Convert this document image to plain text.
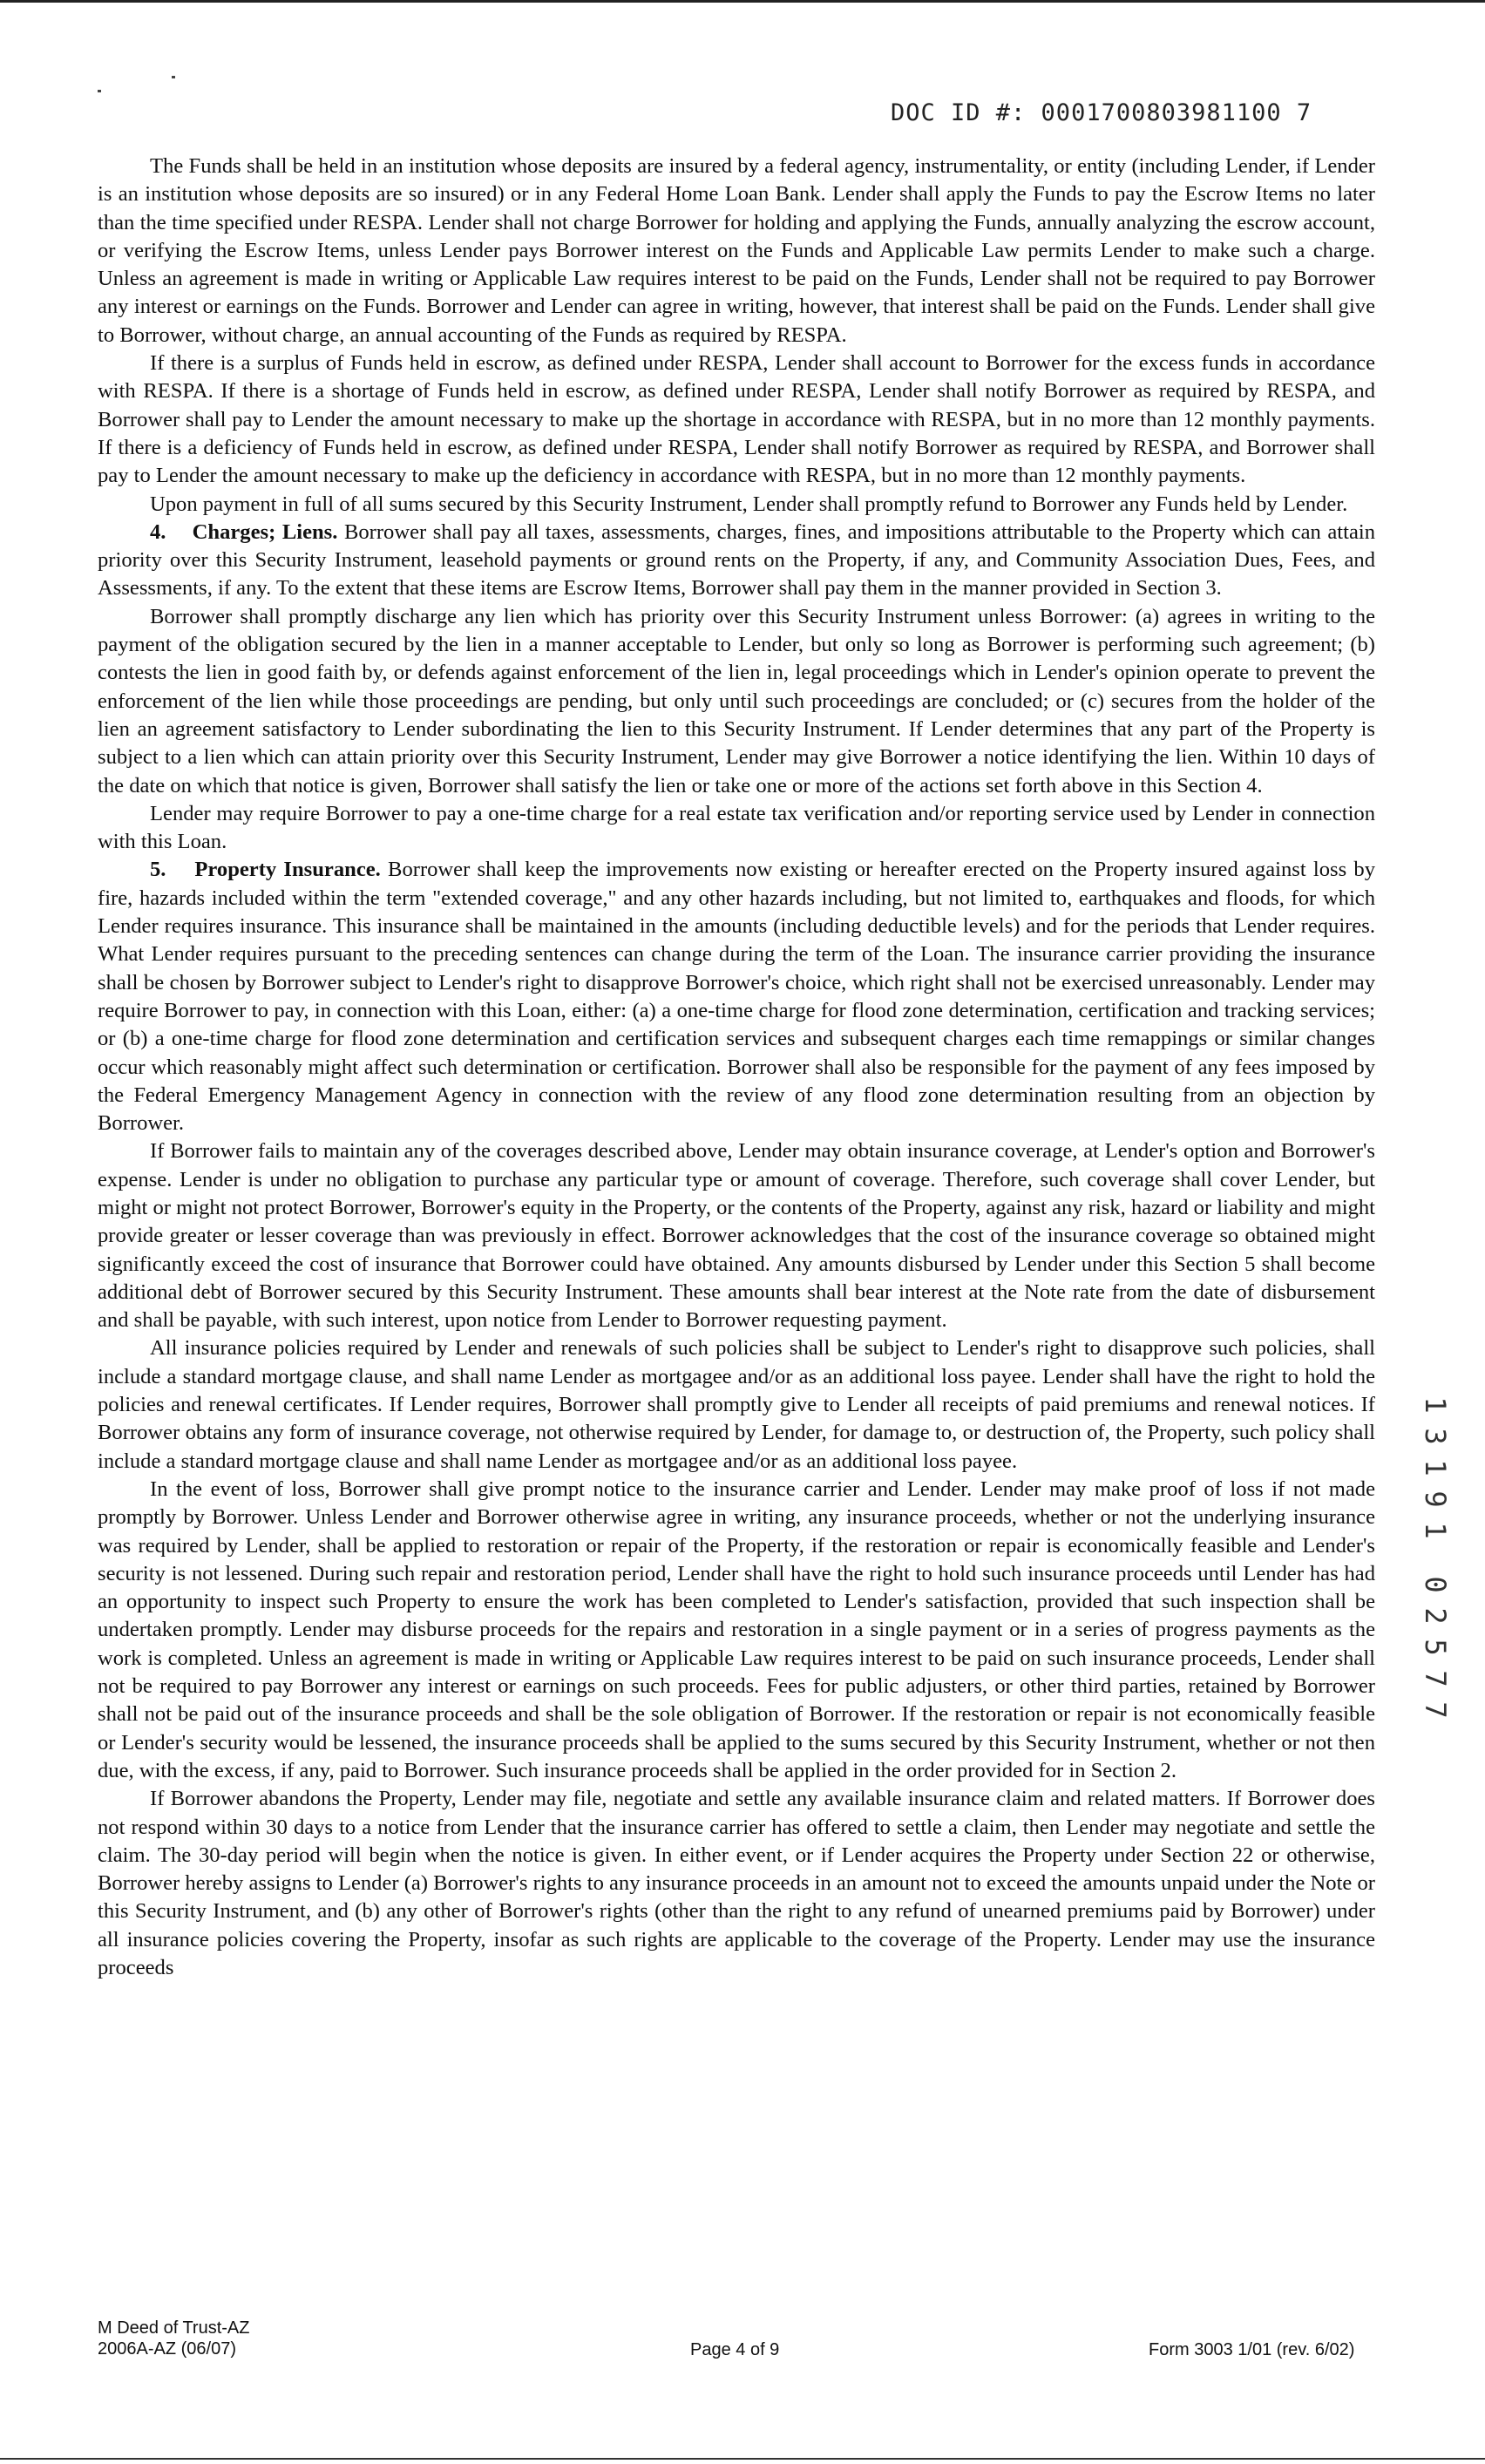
DOC ID #: 0001700803981100 7

The Funds shall be held in an institution whose deposits are insured by a federal agency, instrumentality, or entity (including Lender, if Lender is an institution whose deposits are so insured) or in any Federal Home Loan Bank. Lender shall apply the Funds to pay the Escrow Items no later than the time specified under RESPA. Lender shall not charge Borrower for holding and applying the Funds, annually analyzing the escrow account, or verifying the Escrow Items, unless Lender pays Borrower interest on the Funds and Applicable Law permits Lender to make such a charge. Unless an agreement is made in writing or Applicable Law requires interest to be paid on the Funds, Lender shall not be required to pay Borrower any interest or earnings on the Funds. Borrower and Lender can agree in writing, however, that interest shall be paid on the Funds. Lender shall give to Borrower, without charge, an annual accounting of the Funds as required by RESPA.

If there is a surplus of Funds held in escrow, as defined under RESPA, Lender shall account to Borrower for the excess funds in accordance with RESPA. If there is a shortage of Funds held in escrow, as defined under RESPA, Lender shall notify Borrower as required by RESPA, and Borrower shall pay to Lender the amount necessary to make up the shortage in accordance with RESPA, but in no more than 12 monthly payments. If there is a deficiency of Funds held in escrow, as defined under RESPA, Lender shall notify Borrower as required by RESPA, and Borrower shall pay to Lender the amount necessary to make up the deficiency in accordance with RESPA, but in no more than 12 monthly payments.

Upon payment in full of all sums secured by this Security Instrument, Lender shall promptly refund to Borrower any Funds held by Lender.

4. Charges; Liens. Borrower shall pay all taxes, assessments, charges, fines, and impositions attributable to the Property which can attain priority over this Security Instrument, leasehold payments or ground rents on the Property, if any, and Community Association Dues, Fees, and Assessments, if any. To the extent that these items are Escrow Items, Borrower shall pay them in the manner provided in Section 3.

Borrower shall promptly discharge any lien which has priority over this Security Instrument unless Borrower: (a) agrees in writing to the payment of the obligation secured by the lien in a manner acceptable to Lender, but only so long as Borrower is performing such agreement; (b) contests the lien in good faith by, or defends against enforcement of the lien in, legal proceedings which in Lender's opinion operate to prevent the enforcement of the lien while those proceedings are pending, but only until such proceedings are concluded; or (c) secures from the holder of the lien an agreement satisfactory to Lender subordinating the lien to this Security Instrument. If Lender determines that any part of the Property is subject to a lien which can attain priority over this Security Instrument, Lender may give Borrower a notice identifying the lien. Within 10 days of the date on which that notice is given, Borrower shall satisfy the lien or take one or more of the actions set forth above in this Section 4.

Lender may require Borrower to pay a one-time charge for a real estate tax verification and/or reporting service used by Lender in connection with this Loan.

5. Property Insurance. Borrower shall keep the improvements now existing or hereafter erected on the Property insured against loss by fire, hazards included within the term "extended coverage," and any other hazards including, but not limited to, earthquakes and floods, for which Lender requires insurance. This insurance shall be maintained in the amounts (including deductible levels) and for the periods that Lender requires. What Lender requires pursuant to the preceding sentences can change during the term of the Loan. The insurance carrier providing the insurance shall be chosen by Borrower subject to Lender's right to disapprove Borrower's choice, which right shall not be exercised unreasonably. Lender may require Borrower to pay, in connection with this Loan, either: (a) a one-time charge for flood zone determination, certification and tracking services; or (b) a one-time charge for flood zone determination and certification services and subsequent charges each time remappings or similar changes occur which reasonably might affect such determination or certification. Borrower shall also be responsible for the payment of any fees imposed by the Federal Emergency Management Agency in connection with the review of any flood zone determination resulting from an objection by Borrower.

If Borrower fails to maintain any of the coverages described above, Lender may obtain insurance coverage, at Lender's option and Borrower's expense. Lender is under no obligation to purchase any particular type or amount of coverage. Therefore, such coverage shall cover Lender, but might or might not protect Borrower, Borrower's equity in the Property, or the contents of the Property, against any risk, hazard or liability and might provide greater or lesser coverage than was previously in effect. Borrower acknowledges that the cost of the insurance coverage so obtained might significantly exceed the cost of insurance that Borrower could have obtained. Any amounts disbursed by Lender under this Section 5 shall become additional debt of Borrower secured by this Security Instrument. These amounts shall bear interest at the Note rate from the date of disbursement and shall be payable, with such interest, upon notice from Lender to Borrower requesting payment.

All insurance policies required by Lender and renewals of such policies shall be subject to Lender's right to disapprove such policies, shall include a standard mortgage clause, and shall name Lender as mortgagee and/or as an additional loss payee. Lender shall have the right to hold the policies and renewal certificates. If Lender requires, Borrower shall promptly give to Lender all receipts of paid premiums and renewal notices. If Borrower obtains any form of insurance coverage, not otherwise required by Lender, for damage to, or destruction of, the Property, such policy shall include a standard mortgage clause and shall name Lender as mortgagee and/or as an additional loss payee.

In the event of loss, Borrower shall give prompt notice to the insurance carrier and Lender. Lender may make proof of loss if not made promptly by Borrower. Unless Lender and Borrower otherwise agree in writing, any insurance proceeds, whether or not the underlying insurance was required by Lender, shall be applied to restoration or repair of the Property, if the restoration or repair is economically feasible and Lender's security is not lessened. During such repair and restoration period, Lender shall have the right to hold such insurance proceeds until Lender has had an opportunity to inspect such Property to ensure the work has been completed to Lender's satisfaction, provided that such inspection shall be undertaken promptly. Lender may disburse proceeds for the repairs and restoration in a single payment or in a series of progress payments as the work is completed. Unless an agreement is made in writing or Applicable Law requires interest to be paid on such insurance proceeds, Lender shall not be required to pay Borrower any interest or earnings on such proceeds. Fees for public adjusters, or other third parties, retained by Borrower shall not be paid out of the insurance proceeds and shall be the sole obligation of Borrower. If the restoration or repair is not economically feasible or Lender's security would be lessened, the insurance proceeds shall be applied to the sums secured by this Security Instrument, whether or not then due, with the excess, if any, paid to Borrower. Such insurance proceeds shall be applied in the order provided for in Section 2.

If Borrower abandons the Property, Lender may file, negotiate and settle any available insurance claim and related matters. If Borrower does not respond within 30 days to a notice from Lender that the insurance carrier has offered to settle a claim, then Lender may negotiate and settle the claim. The 30-day period will begin when the notice is given. In either event, or if Lender acquires the Property under Section 22 or otherwise, Borrower hereby assigns to Lender (a) Borrower's rights to any insurance proceeds in an amount not to exceed the amounts unpaid under the Note or this Security Instrument, and (b) any other of Borrower's rights (other than the right to any refund of unearned premiums paid by Borrower) under all insurance policies covering the Property, insofar as such rights are applicable to the coverage of the Property. Lender may use the insurance proceeds

1
3
1
9
1
0
2
5
7
7
M Deed of Trust-AZ
2006A-AZ (06/07)	Page 4 of 9	Form 3003 1/01 (rev. 6/02)
